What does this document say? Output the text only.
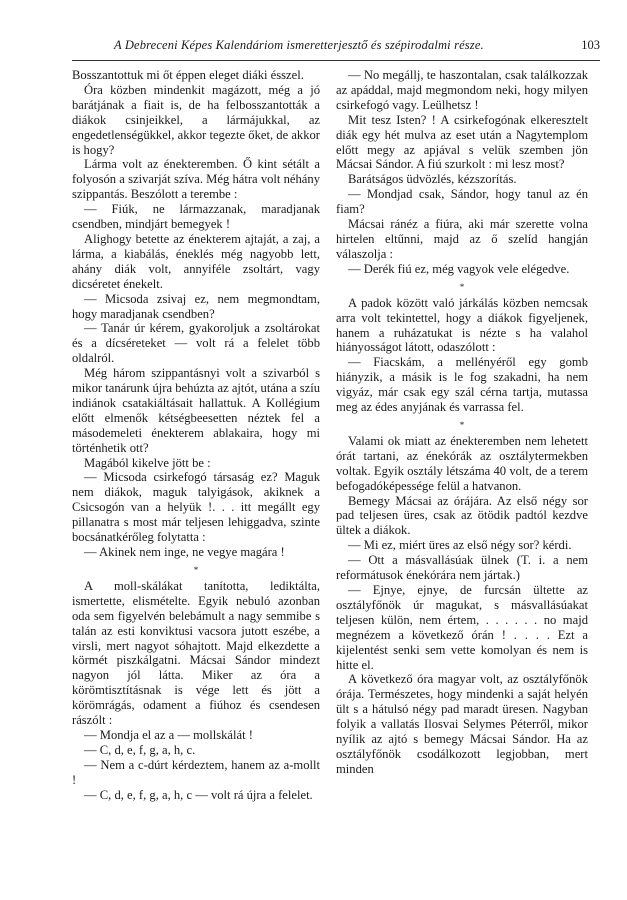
A Debreceni Képes Kalendáriom ismeretterjesztő és szépirodalmi része.	103

Bosszantottuk mi őt éppen eleget diáki ésszel.

Óra közben mindenkit magázott, még a jó barátjának a fiait is, de ha felbosszantották a diákok csinjeikkel, a lármájukkal, az engedetlenségükkel, akkor tegezte őket, de akkor is hogy?

Lárma volt az énekteremben. Ő kint sétált a folyosón a szivarját szíva. Még hátra volt néhány szippantás. Beszólott a terembe :

— Fiúk, ne lármazzanak, maradjanak csendben, mindjárt bemegyek !

Alighogy betette az énekterem ajtaját, a zaj, a lárma, a kiabálás, éneklés még nagyobb lett, ahány diák volt, annyiféle zsoltárt, vagy dicséretet énekelt.

— Micsoda zsivaj ez, nem megmondtam, hogy maradjanak csendben?

— Tanár úr kérem, gyakoroljuk a zsoltárokat és a dícséreteket — volt rá a felelet több oldalról.

Még három szippantásnyi volt a szivarból s mikor tanárunk újra behúzta az ajtót, utána a szíu indiánok csatakiáltásait hallattuk. A Kollégium előtt elmenők kétségbeesetten néztek fel a másodemeleti énekterem ablakaira, hogy mi történhetik ott?

Magából kikelve jött be :

— Micsoda csirkefogó társaság ez? Maguk nem diákok, maguk talyigások, akiknek a Csicsogón van a helyük !. . . itt megállt egy pillanatra s most már teljesen lehiggadva, szinte bocsánatkérőleg folytatta :

— Akinek nem inge, ne vegye magára !

*

A moll-skálákat tanította, lediktálta, ismertette, elismételte. Egyik nebuló azonban oda sem figyelvén belebámult a nagy semmibe s talán az esti konviktusi vacsora jutott eszébe, a virsli, mert nagyot sóhajtott. Majd elkezdette a körmét piszkálgatni. Mácsai Sándor mindezt nagyon jól látta. Miker az óra a körömtisztításnak is vége lett és jött a körömrágás, odament a fiúhoz és csendesen rászólt :

— Mondja el az a — mollskálát !

— C, d, e, f, g, a, h, c.

— Nem a c-dúrt kérdeztem, hanem az a-mollt !

— C, d, e, f, g, a, h, c — volt rá újra a felelet.

— No megállj, te haszontalan, csak találkozzak az apáddal, majd megmondom neki, hogy milyen csirkefogó vagy. Leülhetsz !

Mit tesz Isten? ! A csirkefogónak elkeresztelt diák egy hét mulva az eset után a Nagytemplom előtt megy az apjával s velük szemben jön Mácsai Sándor. A fiú szurkolt : mi lesz most?

Barátságos üdvözlés, kézszorítás.

— Mondjad csak, Sándor, hogy tanul az én fiam?

Mácsai ránéz a fiúra, aki már szerette volna hirtelen eltűnni, majd az ő szelíd hangján válaszolja :

— Derék fiú ez, még vagyok vele elégedve.

*

A padok között való járkálás közben nemcsak arra volt tekintettel, hogy a diákok figyeljenek, hanem a ruházatukat is nézte s ha valahol hiányosságot látott, odaszólott :

— Fiacskám, a mellényéről egy gomb hiányzik, a másik is le fog szakadni, ha nem vigyáz, már csak egy szál cérna tartja, mutassa meg az édes anyjának és varrassa fel.

*

Valami ok miatt az énekteremben nem lehetett órát tartani, az énekórák az osztálytermekben voltak. Egyik osztály létszáma 40 volt, de a terem befogadóképessége felül a hatvanon.

Bemegy Mácsai az órájára. Az első négy sor pad teljesen üres, csak az ötödik padtól kezdve ültek a diákok.

— Mi ez, miért üres az első négy sor? kérdi.

— Ott a másvallásúak ülnek (T. i. a nem reformátusok énekórára nem jártak.)

— Ejnye, ejnye, de furcsán ültette az osztályfőnök úr magukat, s másvallásúakat teljesen külön, nem értem, . . . . . . no majd megnézem a következő órán ! . . . . Ezt a kijelentést senki sem vette komolyan és nem is hitte el.

A következő óra magyar volt, az osztályfőnök órája. Természetes, hogy mindenki a saját helyén ült s a hátulsó négy pad maradt üresen. Nagyban folyik a vallatás Ilosvai Selymes Péterről, mikor nyílik az ajtó s bemegy Mácsai Sándor. Ha az osztályfőnök csodálkozott legjobban, mert minden
